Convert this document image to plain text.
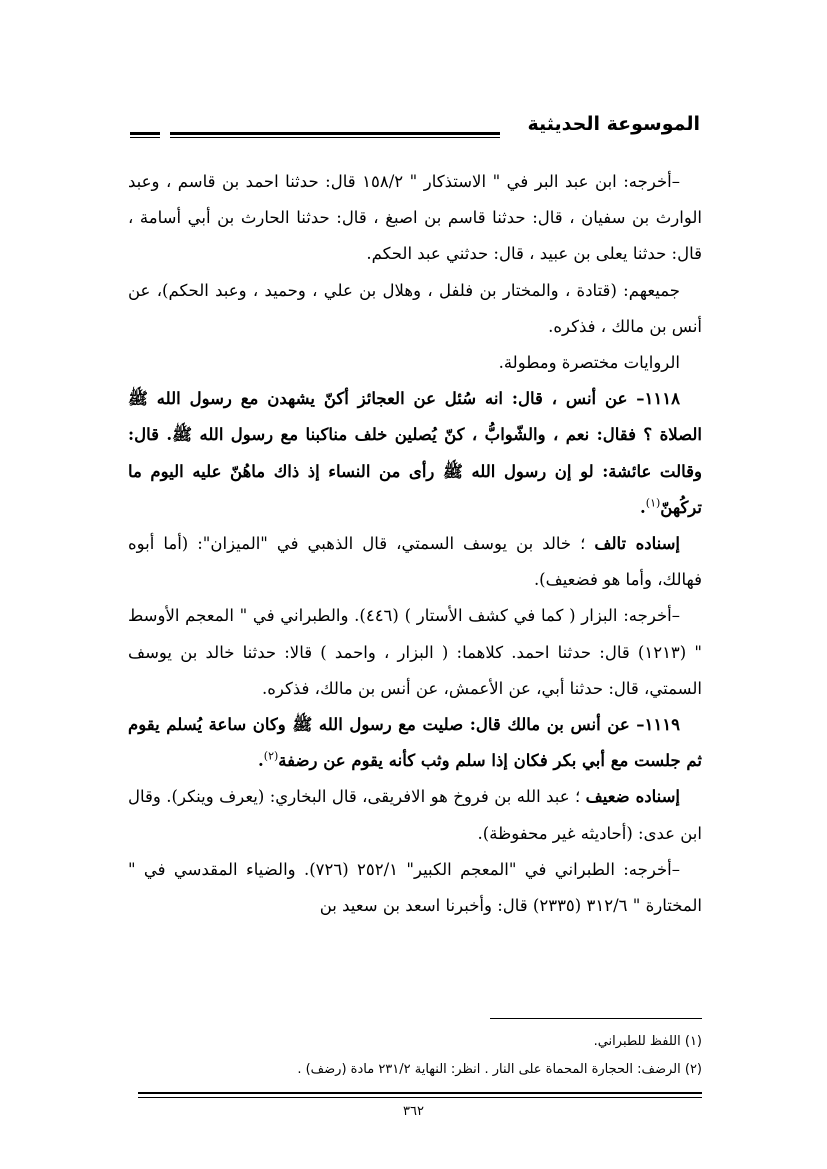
الموسوعة الحديثية

–أخرجه: ابن عبد البر في " الاستذكار " ١٥٨/٢ قال: حدثنا احمد بن قاسم ، وعبد الوارث بن سفيان ، قال: حدثنا قاسم بن اصبغ ، قال: حدثنا الحارث بن أبي أسامة ، قال: حدثنا يعلى بن عبيد ، قال: حدثني عبد الحكم.

جميعهم: (قتادة ، والمختار بن فلفل ، وهلال بن علي ، وحميد ، وعبد الحكم)، عن أنس بن مالك ، فذكره.

الروايات مختصرة ومطولة.

١١١٨– عن أنس ، قال: انه سُئل عن العجائز أكنّ يشهدن مع رسول الله ﷺ الصلاة ؟ فقال: نعم ، والشّوابُّ ، كنّ يُصلين خلف مناكبنا مع رسول الله ﷺ. قال: وقالت عائشة: لو إن رسول الله ﷺ رأى من النساء إذ ذاك ماهُنّ عليه اليوم ما تركُهنّ$^{(١)}$.

إسناده تالف ؛ خالد بن يوسف السمتي، قال الذهبي في "الميزان": (أما أبوه فهالك، وأما هو فضعيف).

–أخرجه: البزار ( كما في كشف الأستار ) (٤٤٦). والطبراني في " المعجم الأوسط " (١٢١٣) قال: حدثنا احمد. كلاهما: ( البزار ، واحمد ) قالا: حدثنا خالد بن يوسف السمتي، قال: حدثنا أبي، عن الأعمش، عن أنس بن مالك، فذكره.

١١١٩– عن أنس بن مالك قال: صليت مع رسول الله ﷺ وكان ساعة يُسلم يقوم ثم جلست مع أبي بكر فكان إذا سلم وثب كأنه يقوم عن رضفة$^{(٢)}$.

إسناده ضعيف ؛ عبد الله بن فروخ هو الافريقى، قال البخاري: (يعرف وينكر). وقال ابن عدى: (أحاديثه غير محفوظة).

–أخرجه: الطبراني في "المعجم الكبير" ٢٥٢/١ (٧٢٦). والضياء المقدسي في " المختارة " ٣١٢/٦ (٢٣٣٥) قال: وأخبرنا اسعد بن سعيد بن

(١) اللفظ للطبراني.

(٢) الرضف: الحجارة المحماة على النار . انظر: النهاية ٢٣١/٢ مادة (رضف) .

٣٦٢
